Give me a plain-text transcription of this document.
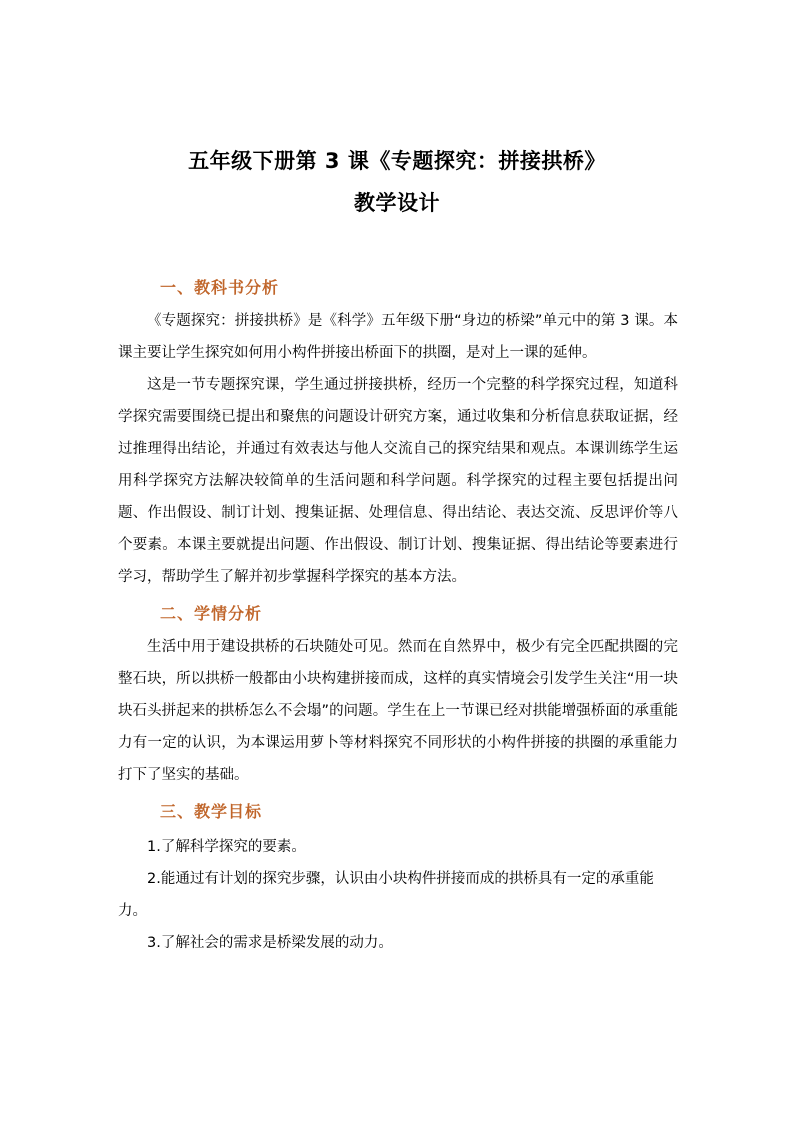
五年级下册第 3 课《专题探究：拼接拱桥》
教学设计
一、教科书分析

《专题探究：拼接拱桥》是《科学》五年级下册“身边的桥梁”单元中的第 3 课。本课主要让学生探究如何用小构件拼接出桥面下的拱圈，是对上一课的延伸。

这是一节专题探究课，学生通过拼接拱桥，经历一个完整的科学探究过程，知道科学探究需要围绕已提出和聚焦的问题设计研究方案，通过收集和分析信息获取证据，经过推理得出结论，并通过有效表达与他人交流自己的探究结果和观点。本课训练学生运用科学探究方法解决较简单的生活问题和科学问题。科学探究的过程主要包括提出问题、作出假设、制订计划、搜集证据、处理信息、得出结论、表达交流、反思评价等八个要素。本课主要就提出问题、作出假设、制订计划、搜集证据、得出结论等要素进行学习，帮助学生了解并初步掌握科学探究的基本方法。

二、学情分析

生活中用于建设拱桥的石块随处可见。然而在自然界中，极少有完全匹配拱圈的完整石块，所以拱桥一般都由小块构建拼接而成，这样的真实情境会引发学生关注“用一块块石头拼起来的拱桥怎么不会塌”的问题。学生在上一节课已经对拱能增强桥面的承重能力有一定的认识，为本课运用萝卜等材料探究不同形状的小构件拼接的拱圈的承重能力打下了坚实的基础。

三、教学目标

1.了解科学探究的要素。

2.能通过有计划的探究步骤，认识由小块构件拼接而成的拱桥具有一定的承重能力。

3.了解社会的需求是桥梁发展的动力。
